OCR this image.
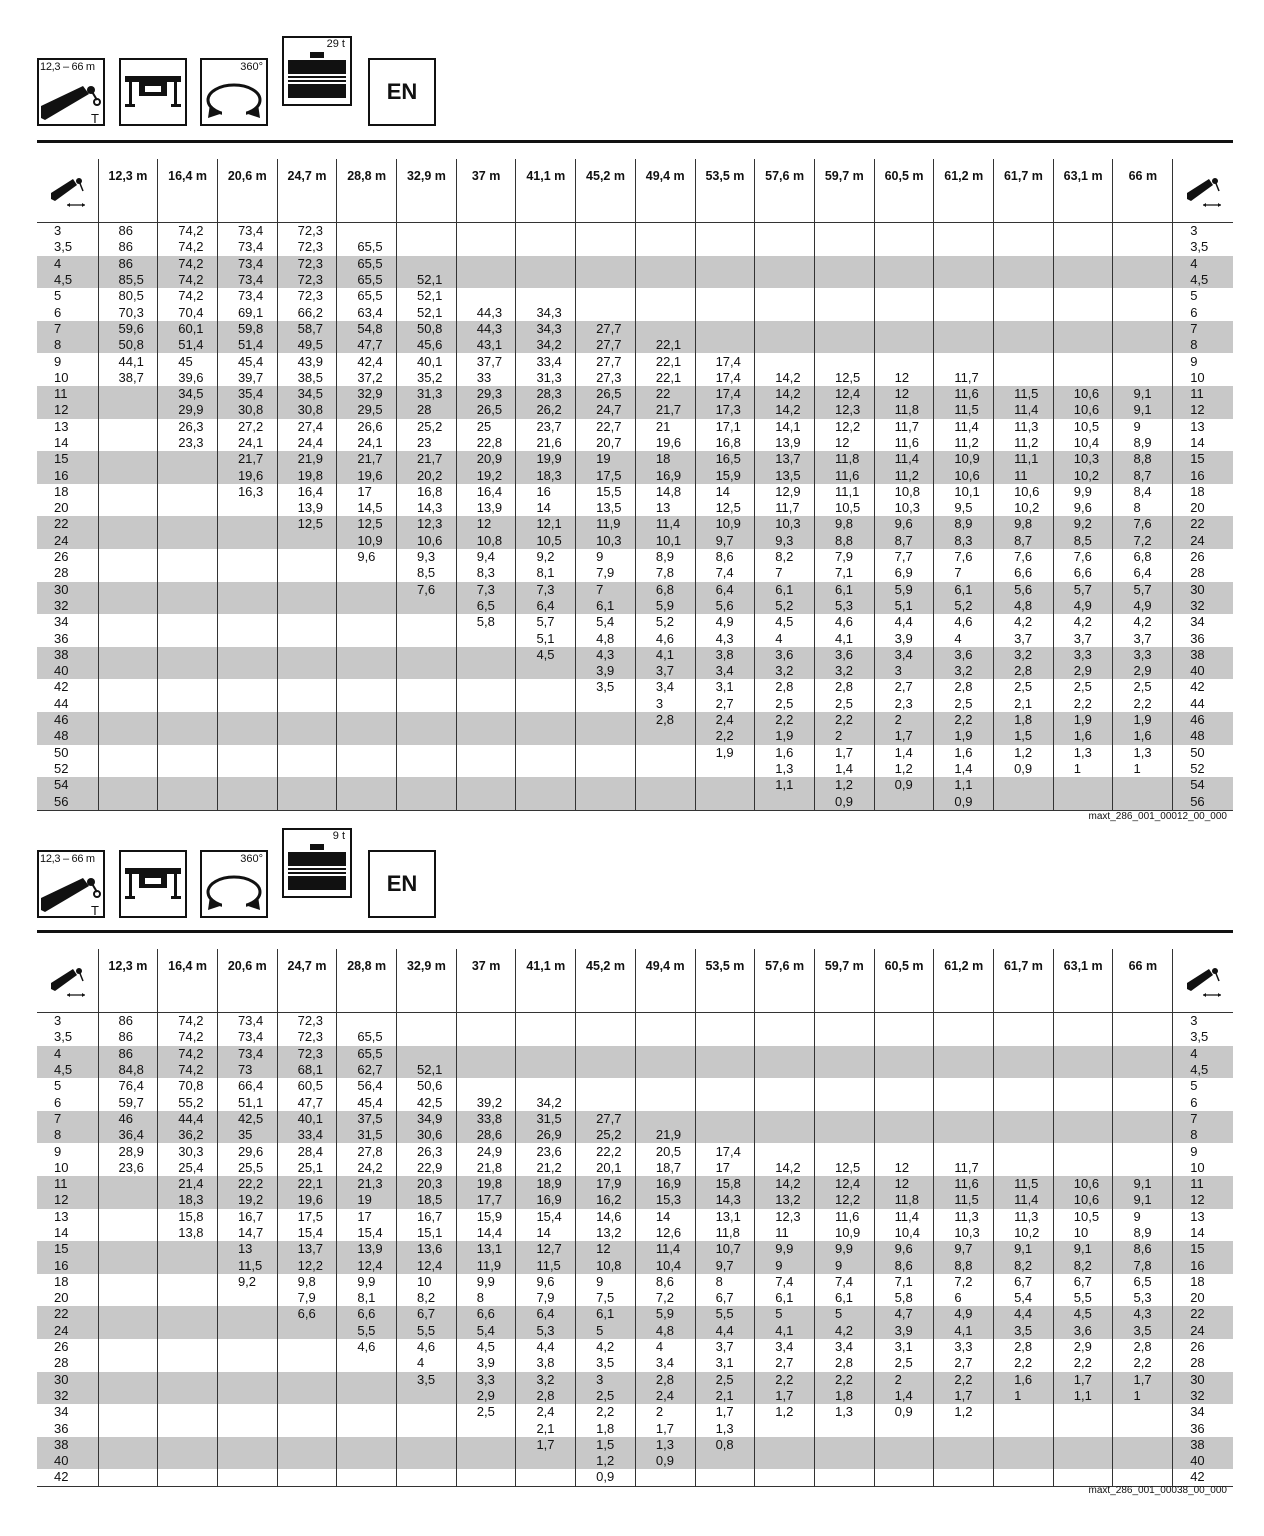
12,3 – 66 m
T
360°
29 t
EN
	12,3 m	16,4 m	20,6 m	24,7 m	28,8 m	32,9 m	37 m	41,1 m	45,2 m	49,4 m	53,5 m	57,6 m	59,7 m	60,5 m	61,2 m	61,7 m	63,1 m	66 m	
3	86	74,2	73,4	72,3															3
3,5	86	74,2	73,4	72,3	65,5														3,5
4	86	74,2	73,4	72,3	65,5														4
4,5	85,5	74,2	73,4	72,3	65,5	52,1													4,5
5	80,5	74,2	73,4	72,3	65,5	52,1													5
6	70,3	70,4	69,1	66,2	63,4	52,1	44,3	34,3											6
7	59,6	60,1	59,8	58,7	54,8	50,8	44,3	34,3	27,7										7
8	50,8	51,4	51,4	49,5	47,7	45,6	43,1	34,2	27,7	22,1									8
9	44,1	45	45,4	43,9	42,4	40,1	37,7	33,4	27,7	22,1	17,4								9
10	38,7	39,6	39,7	38,5	37,2	35,2	33	31,3	27,3	22,1	17,4	14,2	12,5	12	11,7				10
11		34,5	35,4	34,5	32,9	31,3	29,3	28,3	26,5	22	17,4	14,2	12,4	12	11,6	11,5	10,6	9,1	11
12		29,9	30,8	30,8	29,5	28	26,5	26,2	24,7	21,7	17,3	14,2	12,3	11,8	11,5	11,4	10,6	9,1	12
13		26,3	27,2	27,4	26,6	25,2	25	23,7	22,7	21	17,1	14,1	12,2	11,7	11,4	11,3	10,5	9	13
14		23,3	24,1	24,4	24,1	23	22,8	21,6	20,7	19,6	16,8	13,9	12	11,6	11,2	11,2	10,4	8,9	14
15			21,7	21,9	21,7	21,7	20,9	19,9	19	18	16,5	13,7	11,8	11,4	10,9	11,1	10,3	8,8	15
16			19,6	19,8	19,6	20,2	19,2	18,3	17,5	16,9	15,9	13,5	11,6	11,2	10,6	11	10,2	8,7	16
18			16,3	16,4	17	16,8	16,4	16	15,5	14,8	14	12,9	11,1	10,8	10,1	10,6	9,9	8,4	18
20				13,9	14,5	14,3	13,9	14	13,5	13	12,5	11,7	10,5	10,3	9,5	10,2	9,6	8	20
22				12,5	12,5	12,3	12	12,1	11,9	11,4	10,9	10,3	9,8	9,6	8,9	9,8	9,2	7,6	22
24					10,9	10,6	10,8	10,5	10,3	10,1	9,7	9,3	8,8	8,7	8,3	8,7	8,5	7,2	24
26					9,6	9,3	9,4	9,2	9	8,9	8,6	8,2	7,9	7,7	7,6	7,6	7,6	6,8	26
28						8,5	8,3	8,1	7,9	7,8	7,4	7	7,1	6,9	7	6,6	6,6	6,4	28
30						7,6	7,3	7,3	7	6,8	6,4	6,1	6,1	5,9	6,1	5,6	5,7	5,7	30
32							6,5	6,4	6,1	5,9	5,6	5,2	5,3	5,1	5,2	4,8	4,9	4,9	32
34							5,8	5,7	5,4	5,2	4,9	4,5	4,6	4,4	4,6	4,2	4,2	4,2	34
36								5,1	4,8	4,6	4,3	4	4,1	3,9	4	3,7	3,7	3,7	36
38								4,5	4,3	4,1	3,8	3,6	3,6	3,4	3,6	3,2	3,3	3,3	38
40									3,9	3,7	3,4	3,2	3,2	3	3,2	2,8	2,9	2,9	40
42									3,5	3,4	3,1	2,8	2,8	2,7	2,8	2,5	2,5	2,5	42
44										3	2,7	2,5	2,5	2,3	2,5	2,1	2,2	2,2	44
46										2,8	2,4	2,2	2,2	2	2,2	1,8	1,9	1,9	46
48											2,2	1,9	2	1,7	1,9	1,5	1,6	1,6	48
50											1,9	1,6	1,7	1,4	1,6	1,2	1,3	1,3	50
52												1,3	1,4	1,2	1,4	0,9	1	1	52
54												1,1	1,2	0,9	1,1				54
56													0,9		0,9				56
maxt_286_001_00012_00_000
12,3 – 66 m
T
360°
9 t
EN
	12,3 m	16,4 m	20,6 m	24,7 m	28,8 m	32,9 m	37 m	41,1 m	45,2 m	49,4 m	53,5 m	57,6 m	59,7 m	60,5 m	61,2 m	61,7 m	63,1 m	66 m	
3	86	74,2	73,4	72,3															3
3,5	86	74,2	73,4	72,3	65,5														3,5
4	86	74,2	73,4	72,3	65,5														4
4,5	84,8	74,2	73	68,1	62,7	52,1													4,5
5	76,4	70,8	66,4	60,5	56,4	50,6													5
6	59,7	55,2	51,1	47,7	45,4	42,5	39,2	34,2											6
7	46	44,4	42,5	40,1	37,5	34,9	33,8	31,5	27,7										7
8	36,4	36,2	35	33,4	31,5	30,6	28,6	26,9	25,2	21,9									8
9	28,9	30,3	29,6	28,4	27,8	26,3	24,9	23,6	22,2	20,5	17,4								9
10	23,6	25,4	25,5	25,1	24,2	22,9	21,8	21,2	20,1	18,7	17	14,2	12,5	12	11,7				10
11		21,4	22,2	22,1	21,3	20,3	19,8	18,9	17,9	16,9	15,8	14,2	12,4	12	11,6	11,5	10,6	9,1	11
12		18,3	19,2	19,6	19	18,5	17,7	16,9	16,2	15,3	14,3	13,2	12,2	11,8	11,5	11,4	10,6	9,1	12
13		15,8	16,7	17,5	17	16,7	15,9	15,4	14,6	14	13,1	12,3	11,6	11,4	11,3	11,3	10,5	9	13
14		13,8	14,7	15,4	15,4	15,1	14,4	14	13,2	12,6	11,8	11	10,9	10,4	10,3	10,2	10	8,9	14
15			13	13,7	13,9	13,6	13,1	12,7	12	11,4	10,7	9,9	9,9	9,6	9,7	9,1	9,1	8,6	15
16			11,5	12,2	12,4	12,4	11,9	11,5	10,8	10,4	9,7	9	9	8,6	8,8	8,2	8,2	7,8	16
18			9,2	9,8	9,9	10	9,9	9,6	9	8,6	8	7,4	7,4	7,1	7,2	6,7	6,7	6,5	18
20				7,9	8,1	8,2	8	7,9	7,5	7,2	6,7	6,1	6,1	5,8	6	5,4	5,5	5,3	20
22				6,6	6,6	6,7	6,6	6,4	6,1	5,9	5,5	5	5	4,7	4,9	4,4	4,5	4,3	22
24					5,5	5,5	5,4	5,3	5	4,8	4,4	4,1	4,2	3,9	4,1	3,5	3,6	3,5	24
26					4,6	4,6	4,5	4,4	4,2	4	3,7	3,4	3,4	3,1	3,3	2,8	2,9	2,8	26
28						4	3,9	3,8	3,5	3,4	3,1	2,7	2,8	2,5	2,7	2,2	2,2	2,2	28
30						3,5	3,3	3,2	3	2,8	2,5	2,2	2,2	2	2,2	1,6	1,7	1,7	30
32							2,9	2,8	2,5	2,4	2,1	1,7	1,8	1,4	1,7	1	1,1	1	32
34							2,5	2,4	2,2	2	1,7	1,2	1,3	0,9	1,2				34
36								2,1	1,8	1,7	1,3								36
38								1,7	1,5	1,3	0,8								38
40									1,2	0,9									40
42									0,9										42
maxt_286_001_00038_00_000
